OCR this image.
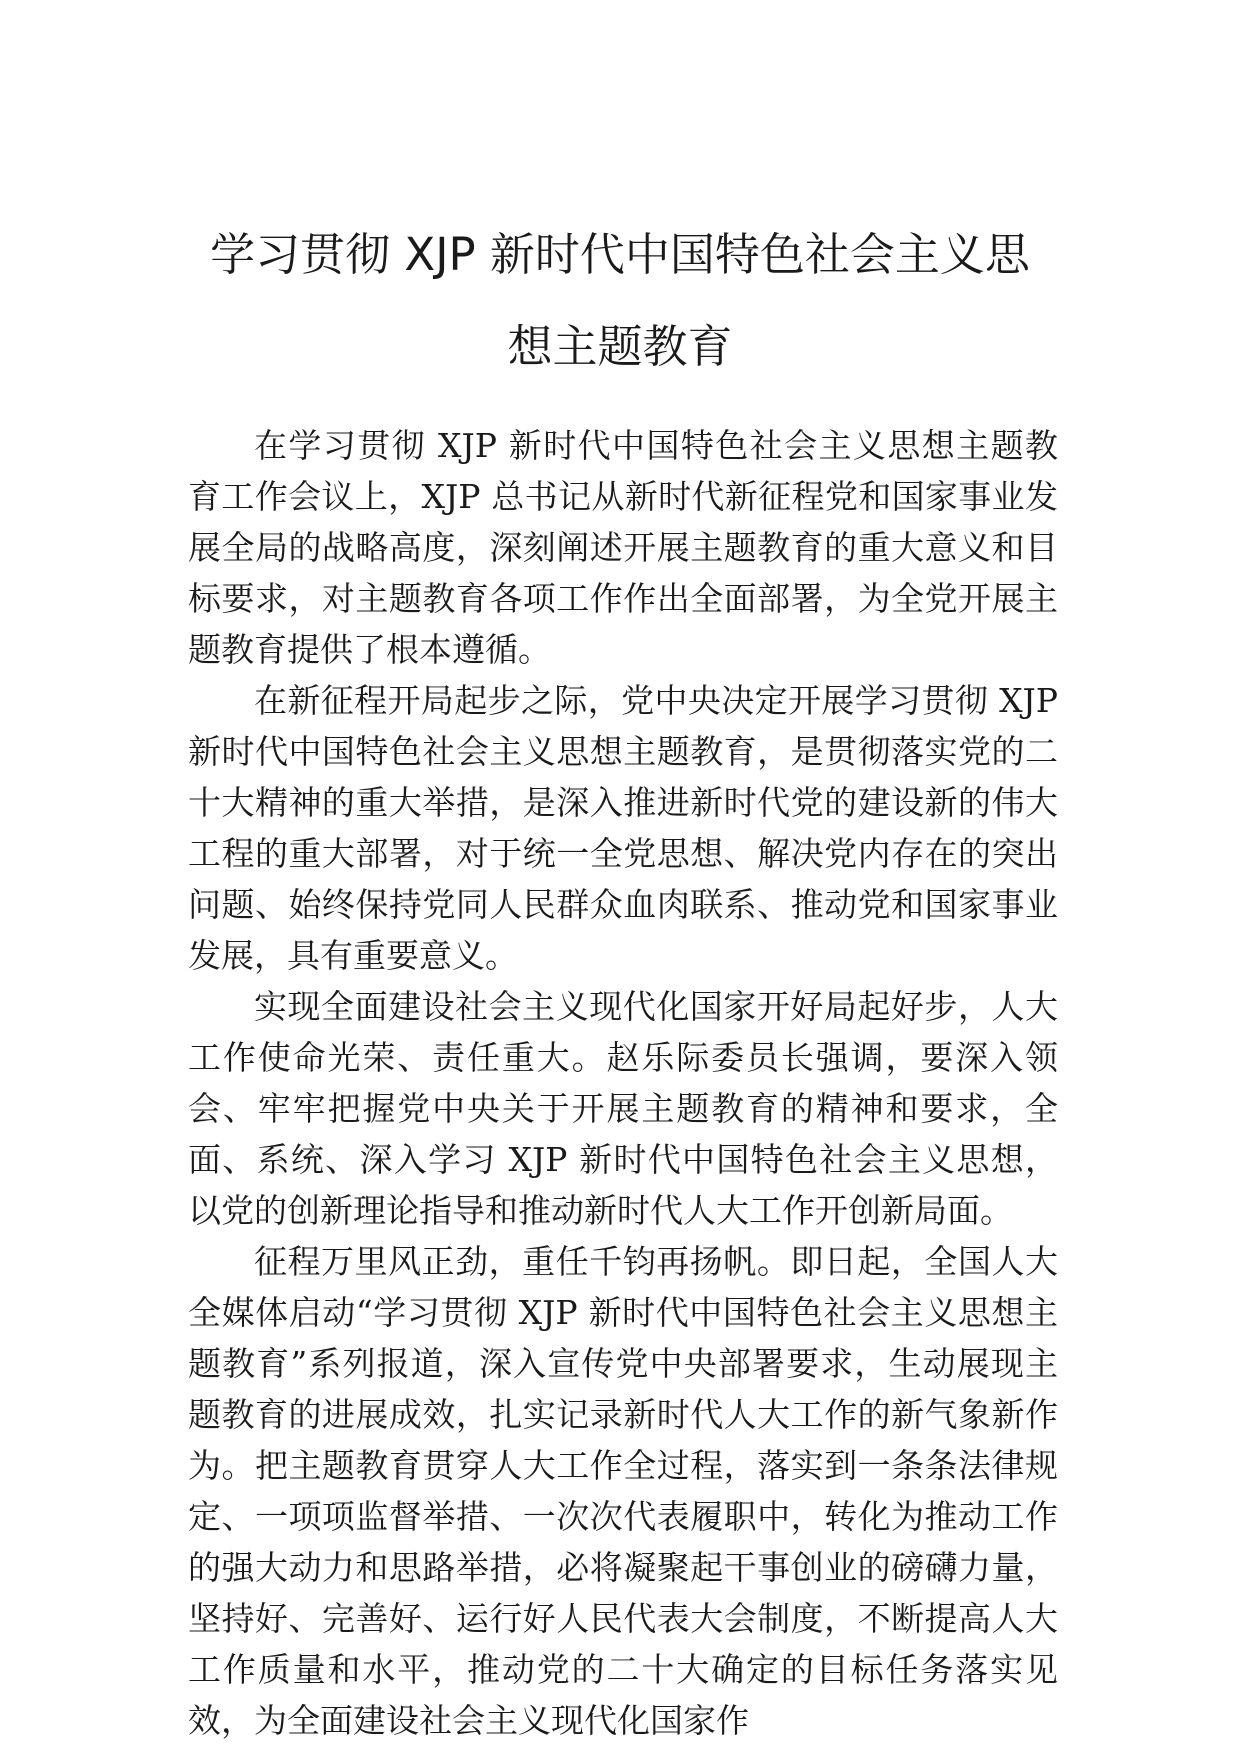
学习贯彻 XJP 新时代中国特色社会主义思
想主题教育

在学习贯彻 XJP 新时代中国特色社会主义思想主题教育工作会议上，XJP 总书记从新时代新征程党和国家事业发展全局的战略高度，深刻阐述开展主题教育的重大意义和目标要求，对主题教育各项工作作出全面部署，为全党开展主题教育提供了根本遵循。

在新征程开局起步之际，党中央决定开展学习贯彻 XJP 新时代中国特色社会主义思想主题教育，是贯彻落实党的二十大精神的重大举措，是深入推进新时代党的建设新的伟大工程的重大部署，对于统一全党思想、解决党内存在的突出问题、始终保持党同人民群众血肉联系、推动党和国家事业发展，具有重要意义。

实现全面建设社会主义现代化国家开好局起好步，人大工作使命光荣、责任重大。赵乐际委员长强调，要深入领会、牢牢把握党中央关于开展主题教育的精神和要求，全面、系统、深入学习 XJP 新时代中国特色社会主义思想，以党的创新理论指导和推动新时代人大工作开创新局面。

征程万里风正劲，重任千钧再扬帆。即日起，全国人大全媒体启动“学习贯彻 XJP 新时代中国特色社会主义思想主题教育”系列报道，深入宣传党中央部署要求，生动展现主题教育的进展成效，扎实记录新时代人大工作的新气象新作为。把主题教育贯穿人大工作全过程，落实到一条条法律规定、一项项监督举措、一次次代表履职中，转化为推动工作的强大动力和思路举措，必将凝聚起干事创业的磅礴力量，坚持好、完善好、运行好人民代表大会制度，不断提高人大工作质量和水平，推动党的二十大确定的目标任务落实见效，为全面建设社会主义现代化国家作
